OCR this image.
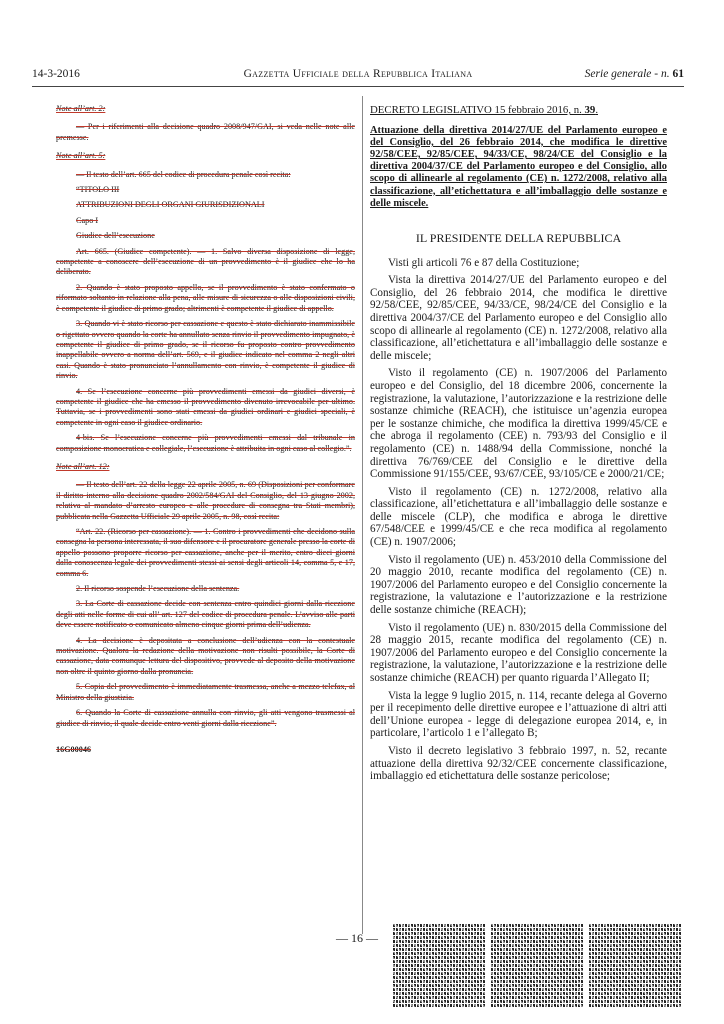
14-3-2016	Gazzetta Ufficiale della Repubblica Italiana	Serie generale - n. 61

Note all’art. 2:

— Per i riferimenti alla decisione quadro 2008/947/GAI, si veda nelle note alle premesse.

Note all’art. 5:

— Il testo dell’art. 665 del codice di procedura penale così recita:

“TITOLO III

ATTRIBUZIONI DEGLI ORGANI GIURISDIZIONALI

Capo I

Giudice dell’esecuzione

Art. 665. (Giudice competente). — 1. Salvo diversa disposizione di legge, competente a conoscere dell’esecuzione di un provvedimento è il giudice che lo ha deliberato.

2. Quando è stato proposto appello, se il provvedimento è stato confermato o riformato soltanto in relazione alla pena, alle misure di sicurezza o alle disposizioni civili, è competente il giudice di primo grado; altrimenti è competente il giudice di appello.

3. Quando vi è stato ricorso per cassazione e questo è stato dichiarato inammissibile o rigettato ovvero quando la corte ha annullato senza rinvio il provvedimento impugnato, è competente il giudice di primo grado, se il ricorso fu proposto contro provvedimento inappellabile ovvero a norma dell’art. 569, e il giudice indicato nel comma 2 negli altri casi. Quando è stato pronunciato l’annullamento con rinvio, è competente il giudice di rinvio.

4. Se l’esecuzione concerne più provvedimenti emessi da giudici diversi, è competente il giudice che ha emesso il provvedimento divenuto irrevocabile per ultimo. Tuttavia, se i provvedimenti sono stati emessi da giudici ordinari e giudici speciali, è competente in ogni caso il giudice ordinario.

4-bis. Se l’esecuzione concerne più provvedimenti emessi dal tribunale in composizione monocratica e collegiale, l’esecuzione è attribuita in ogni caso al collegio.”.

Note all’art. 12:

— Il testo dell’art. 22 della legge 22 aprile 2005, n. 69 (Disposizioni per conformare il diritto interno alla decisione quadro 2002/584/GAI del Consiglio, del 13 giugno 2002, relativa al mandato d’arresto europeo e alle procedure di consegna tra Stati membri), pubblicata nella Gazzetta Ufficiale 29 aprile 2005, n. 98, così recita:

“Art. 22. (Ricorso per cassazione). — 1. Contro i provvedimenti che decidono sulla consegna la persona interessata, il suo difensore e il procuratore generale presso la corte di appello possono proporre ricorso per cassazione, anche per il merito, entro dieci giorni dalla conoscenza legale dei provvedimenti stessi ai sensi degli articoli 14, comma 5, e 17, comma 6.

2. Il ricorso sospende l’esecuzione della sentenza.

3. La Corte di cassazione decide con sentenza entro quindici giorni dalla ricezione degli atti nelle forme di cui all’ art. 127 del codice di procedura penale. L’avviso alle parti deve essere notificato o comunicato almeno cinque giorni prima dell’udienza.

4. La decisione è depositata a conclusione dell’udienza con la contestuale motivazione. Qualora la redazione della motivazione non risulti possibile, la Corte di cassazione, data comunque lettura del dispositivo, provvede al deposito della motivazione non oltre il quinto giorno dalla pronuncia.

5. Copia del provvedimento è immediatamente trasmessa, anche a mezzo telefax, al Ministro della giustizia.

6. Quando la Corte di cassazione annulla con rinvio, gli atti vengono trasmessi al giudice di rinvio, il quale decide entro venti giorni dalla ricezione”.

16G00046

DECRETO LEGISLATIVO 15 febbraio 2016, n. 39.

Attuazione della direttiva 2014/27/UE del Parlamento europeo e del Consiglio, del 26 febbraio 2014, che modifica le direttive 92/58/CEE, 92/85/CEE, 94/33/CE, 98/24/CE del Consiglio e la direttiva 2004/37/CE del Parlamento europeo e del Consiglio, allo scopo di allinearle al regolamento (CE) n. 1272/2008, relativo alla classificazione, all’etichettatura e all’imballaggio delle sostanze e delle miscele.

IL PRESIDENTE DELLA REPUBBLICA

Visti gli articoli 76 e 87 della Costituzione;

Vista la direttiva 2014/27/UE del Parlamento europeo e del Consiglio, del 26 febbraio 2014, che modifica le direttive 92/58/CEE, 92/85/CEE, 94/33/CE, 98/24/CE del Consiglio e la direttiva 2004/37/CE del Parlamento europeo e del Consiglio allo scopo di allinearle al regolamento (CE) n. 1272/2008, relativo alla classificazione, all’etichettatura e all’imballaggio delle sostanze e delle miscele;

Visto il regolamento (CE) n. 1907/2006 del Parlamento europeo e del Consiglio, del 18 dicembre 2006, concernente la registrazione, la valutazione, l’autorizzazione e la restrizione delle sostanze chimiche (REACH), che istituisce un’agenzia europea per le sostanze chimiche, che modifica la direttiva 1999/45/CE e che abroga il regolamento (CEE) n. 793/93 del Consiglio e il regolamento (CE) n. 1488/94 della Commissione, nonché la direttiva 76/769/CEE del Consiglio e le direttive della Commissione 91/155/CEE, 93/67/CEE, 93/105/CE e 2000/21/CE;

Visto il regolamento (CE) n. 1272/2008, relativo alla classificazione, all’etichettatura e all’imballaggio delle sostanze e delle miscele (CLP), che modifica e abroga le direttive 67/548/CEE e 1999/45/CE e che reca modifica al regolamento (CE) n. 1907/2006;

Visto il regolamento (UE) n. 453/2010 della Commissione del 20 maggio 2010, recante modifica del regolamento (CE) n. 1907/2006 del Parlamento europeo e del Consiglio concernente la registrazione, la valutazione e l’autorizzazione e la restrizione delle sostanze chimiche (REACH);

Visto il regolamento (UE) n. 830/2015 della Commissione del 28 maggio 2015, recante modifica del regolamento (CE) n. 1907/2006 del Parlamento europeo e del Consiglio concernente la registrazione, la valutazione, l’autorizzazione e la restrizione delle sostanze chimiche (REACH) per quanto riguarda l’Allegato II;

Vista la legge 9 luglio 2015, n. 114, recante delega al Governo per il recepimento delle direttive europee e l’attuazione di altri atti dell’Unione europea - legge di delegazione europea 2014, e, in particolare, l’articolo 1 e l’allegato B;

Visto il decreto legislativo 3 febbraio 1997, n. 52, recante attuazione della direttiva 92/32/CEE concernente classificazione, imballaggio ed etichettatura delle sostanze pericolose;

— 16 —
